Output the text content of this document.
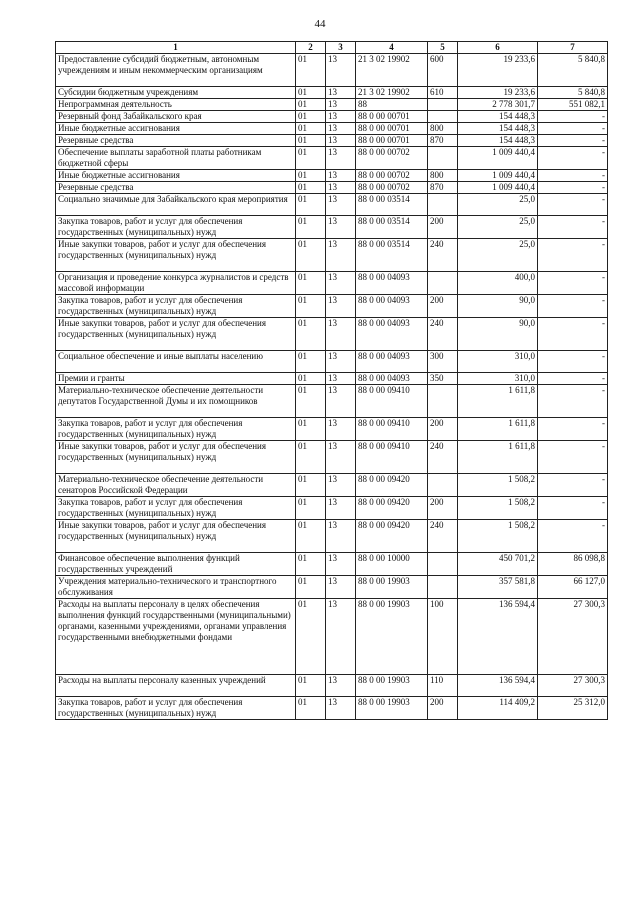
44
1	2	3	4	5	6	7
Предоставление субсидий бюджетным, автономным учреждениям и иным некоммерческим организациям	01	13	21 3 02 19902	600	19 233,6	5 840,8
Субсидии бюджетным учреждениям	01	13	21 3 02 19902	610	19 233,6	5 840,8
Непрограммная деятельность	01	13	88		2 778 301,7	551 082,1
Резервный фонд Забайкальского края	01	13	88 0 00 00701		154 448,3	-
Иные бюджетные ассигнования	01	13	88 0 00 00701	800	154 448,3	-
Резервные средства	01	13	88 0 00 00701	870	154 448,3	-
Обеспечение выплаты заработной платы работникам бюджетной сферы	01	13	88 0 00 00702		1 009 440,4	-
Иные бюджетные ассигнования	01	13	88 0 00 00702	800	1 009 440,4	-
Резервные средства	01	13	88 0 00 00702	870	1 009 440,4	-
Социально значимые для Забайкальского края мероприятия	01	13	88 0 00 03514		25,0	-
Закупка товаров, работ и услуг для обеспечения государственных (муниципальных) нужд	01	13	88 0 00 03514	200	25,0	-
Иные закупки товаров, работ и услуг для обеспечения государственных (муниципальных) нужд	01	13	88 0 00 03514	240	25,0	-
Организация и проведение конкурса журналистов и средств массовой информации	01	13	88 0 00 04093		400,0	-
Закупка товаров, работ и услуг для обеспечения государственных (муниципальных) нужд	01	13	88 0 00 04093	200	90,0	-
Иные закупки товаров, работ и услуг для обеспечения государственных (муниципальных) нужд	01	13	88 0 00 04093	240	90,0	-
Социальное обеспечение и иные выплаты населению	01	13	88 0 00 04093	300	310,0	-
Премии и гранты	01	13	88 0 00 04093	350	310,0	-
Материально-техническое обеспечение деятельности депутатов Государственной Думы и их помощников	01	13	88 0 00 09410		1 611,8	-
Закупка товаров, работ и услуг для обеспечения государственных (муниципальных) нужд	01	13	88 0 00 09410	200	1 611,8	-
Иные закупки товаров, работ и услуг для обеспечения государственных (муниципальных) нужд	01	13	88 0 00 09410	240	1 611,8	-
Материально-техническое обеспечение деятельности сенаторов Российской Федерации	01	13	88 0 00 09420		1 508,2	-
Закупка товаров, работ и услуг для обеспечения государственных (муниципальных) нужд	01	13	88 0 00 09420	200	1 508,2	-
Иные закупки товаров, работ и услуг для обеспечения государственных (муниципальных) нужд	01	13	88 0 00 09420	240	1 508,2	-
Финансовое обеспечение выполнения функций государственных учреждений	01	13	88 0 00 10000		450 701,2	86 098,8
Учреждения материально-технического и транспортного обслуживания	01	13	88 0 00 19903		357 581,8	66 127,0
Расходы на выплаты персоналу в целях обеспечения выполнения функций государственными (муниципальными) органами, казенными учреждениями, органами управления государственными внебюджетными фондами	01	13	88 0 00 19903	100	136 594,4	27 300,3
Расходы на выплаты персоналу казенных учреждений	01	13	88 0 00 19903	110	136 594,4	27 300,3
Закупка товаров, работ и услуг для обеспечения государственных (муниципальных) нужд	01	13	88 0 00 19903	200	114 409,2	25 312,0
